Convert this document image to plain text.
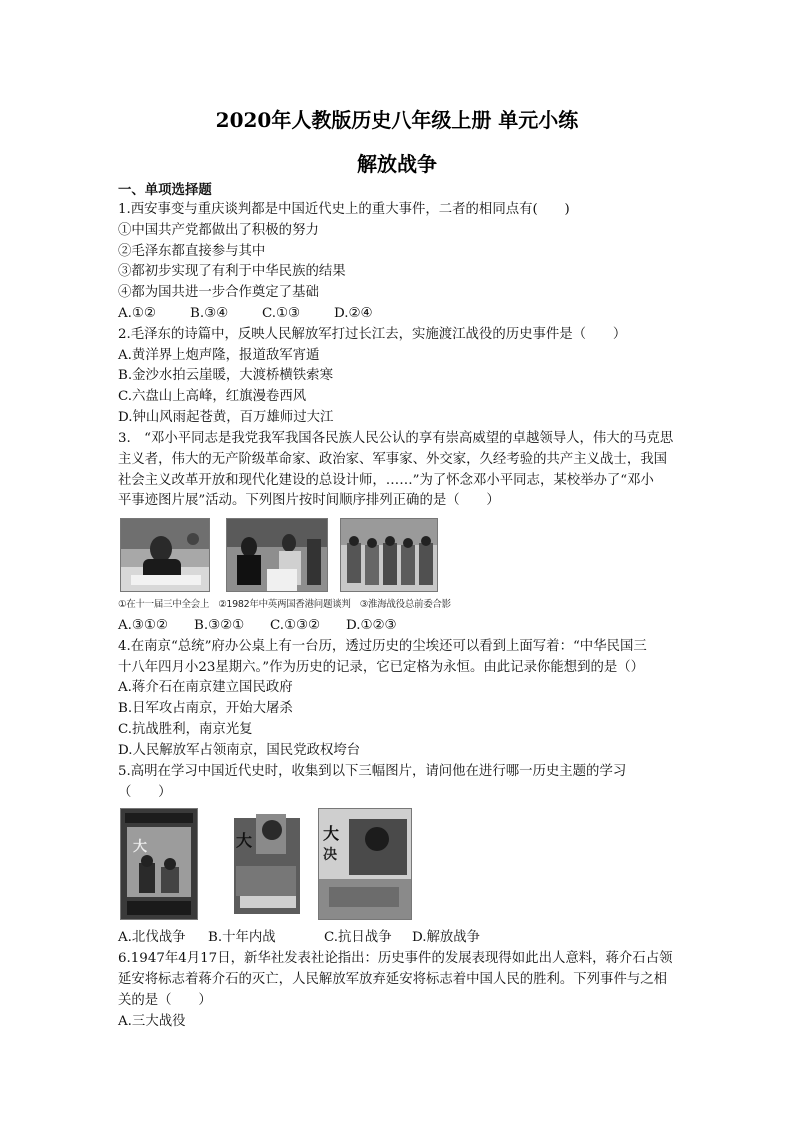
2020年人教版历史八年级上册 单元小练
解放战争
一、单项选择题
1.西安事变与重庆谈判都是中国近代史上的重大事件，二者的相同点有(　　)
①中国共产党都做出了积极的努力
②毛泽东都直接参与其中
③都初步实现了有利于中华民族的结果
④都为国共进一步合作奠定了基础
A.①②	B.③④	C.①③	D.②④
2.毛泽东的诗篇中，反映人民解放军打过长江去，实施渡江战役的历史事件是（　　）
A.黄洋界上炮声隆，报道敌军宵遁
B.金沙水拍云崖暖，大渡桥横铁索寒
C.六盘山上高峰，红旗漫卷西风
D.钟山风雨起苍黄，百万雄师过大江
3.　“邓小平同志是我党我军我国各民族人民公认的享有崇高威望的卓越领导人，伟大的马克思
主义者，伟大的无产阶级革命家、政治家、军事家、外交家，久经考验的共产主义战士，我国
社会主义改革开放和现代化建设的总设计师，……”为了怀念邓小平同志，某校举办了“邓小
平事迹图片展”活动。下列图片按时间顺序排列正确的是（　　）
①在十一届三中全会上　②1982年中英两国香港问题谈判　③淮海战役总前委合影
A.③①② B.③②① C.①③② D.①②③
4.在南京“总统”府办公桌上有一台历，透过历史的尘埃还可以看到上面写着：“中华民国三
十八年四月小23星期六。”作为历史的记录，它已定格为永恒。由此记录你能想到的是（）
A.蒋介石在南京建立国民政府
B.日军攻占南京，开始大屠杀
C.抗战胜利，南京光复
D.人民解放军占领南京，国民党政权垮台
5.高明在学习中国近代史时，收集到以下三幅图片，请问他在进行哪一历史主题的学习
（　　）
大	大	大
决
A.北伐战争 B.十年内战	C.抗日战争 D.解放战争
6.1947年4月17日，新华社发表社论指出：历史事件的发展表现得如此出人意料，蒋介石占领
延安将标志着蒋介石的灭亡，人民解放军放弃延安将标志着中国人民的胜利。下列事件与之相
关的是（　　）
A.三大战役
